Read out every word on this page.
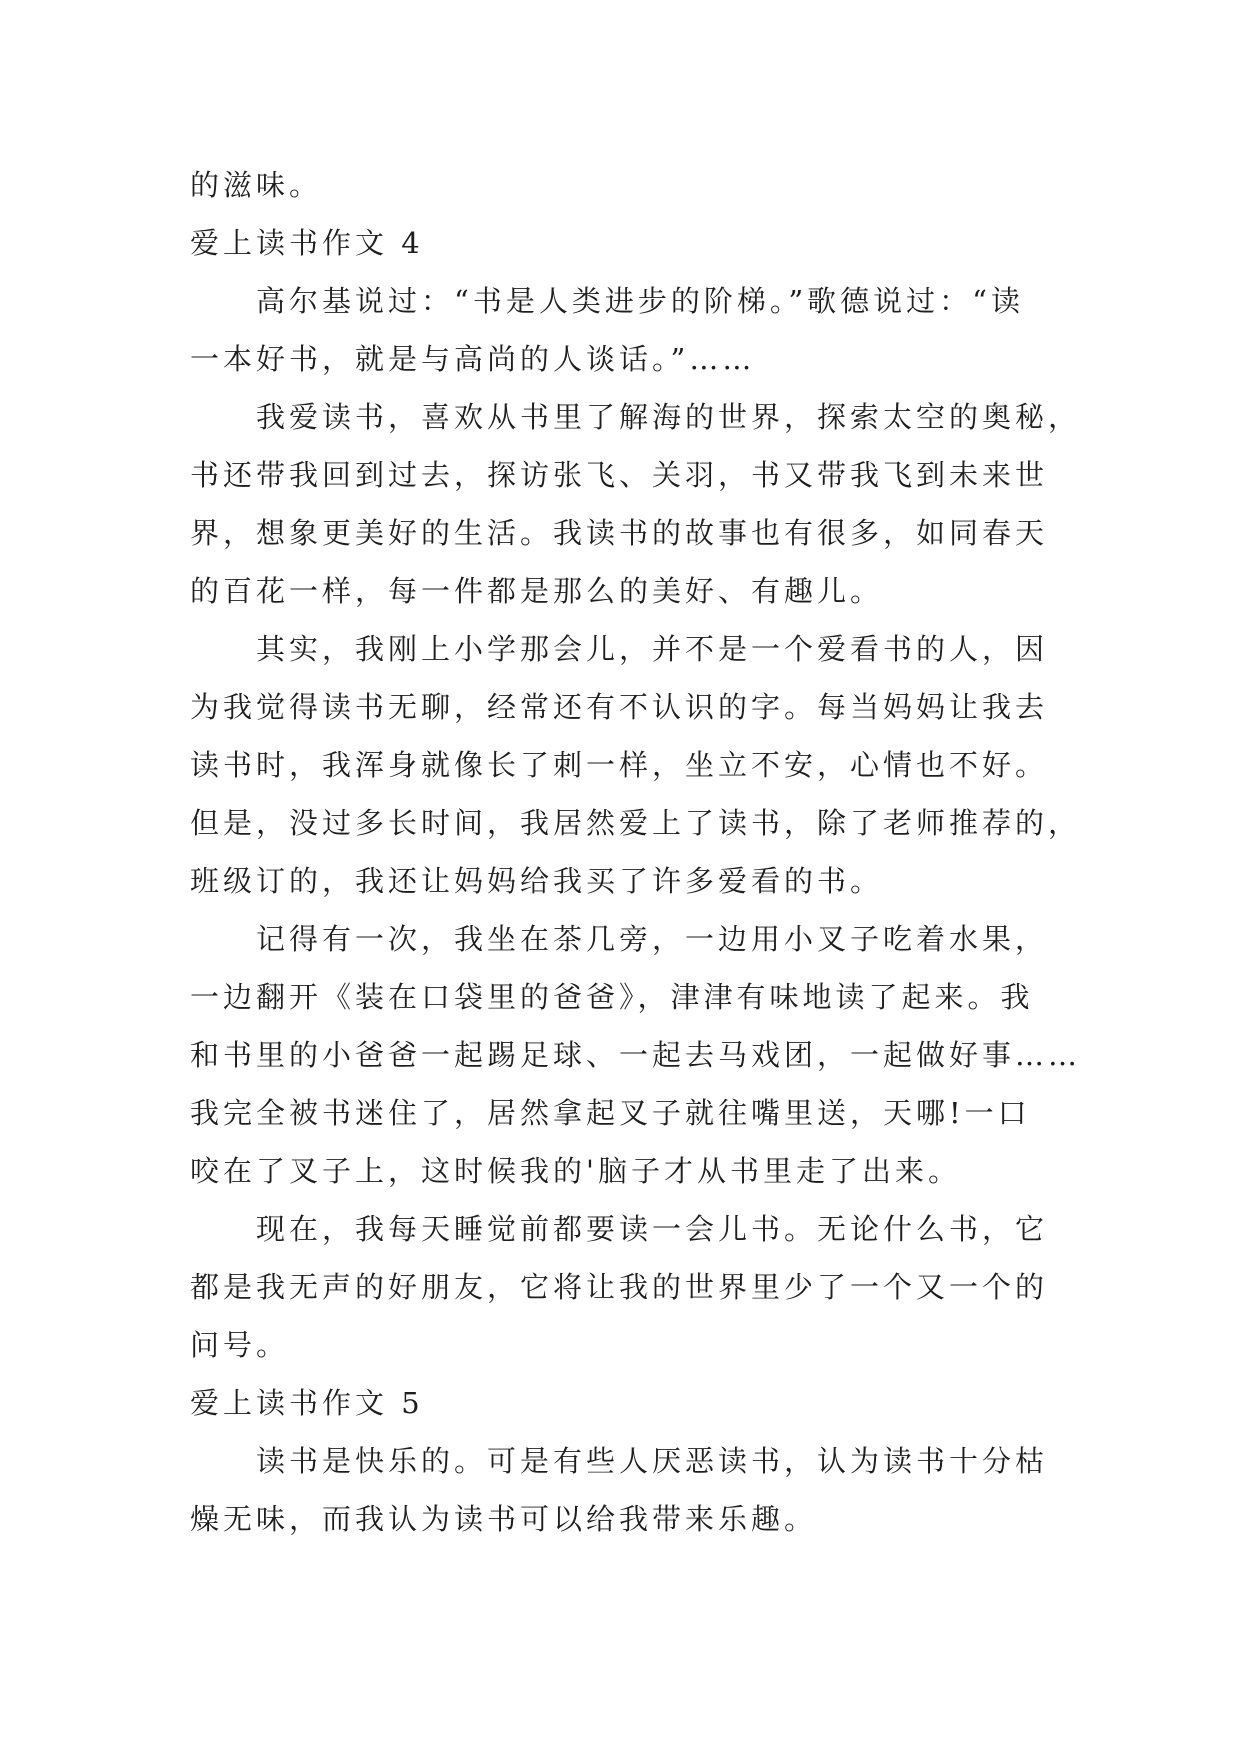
的滋味。
爱上读书作文 4
高尔基说过：“书是人类进步的阶梯。”歌德说过：“读
一本好书，就是与高尚的人谈话。”……
我爱读书，喜欢从书里了解海的世界，探索太空的奥秘，
书还带我回到过去，探访张飞、关羽，书又带我飞到未来世
界，想象更美好的生活。我读书的故事也有很多，如同春天
的百花一样，每一件都是那么的美好、有趣儿。
其实，我刚上小学那会儿，并不是一个爱看书的人，因
为我觉得读书无聊，经常还有不认识的字。每当妈妈让我去
读书时，我浑身就像长了刺一样，坐立不安，心情也不好。
但是，没过多长时间，我居然爱上了读书，除了老师推荐的，
班级订的，我还让妈妈给我买了许多爱看的书。
记得有一次，我坐在茶几旁，一边用小叉子吃着水果，
一边翻开《装在口袋里的爸爸》，津津有味地读了起来。我
和书里的小爸爸一起踢足球、一起去马戏团，一起做好事……
我完全被书迷住了，居然拿起叉子就往嘴里送，天哪!一口
咬在了叉子上，这时候我的'脑子才从书里走了出来。
现在，我每天睡觉前都要读一会儿书。无论什么书，它
都是我无声的好朋友，它将让我的世界里少了一个又一个的
问号。
爱上读书作文 5
读书是快乐的。可是有些人厌恶读书，认为读书十分枯
燥无味，而我认为读书可以给我带来乐趣。
